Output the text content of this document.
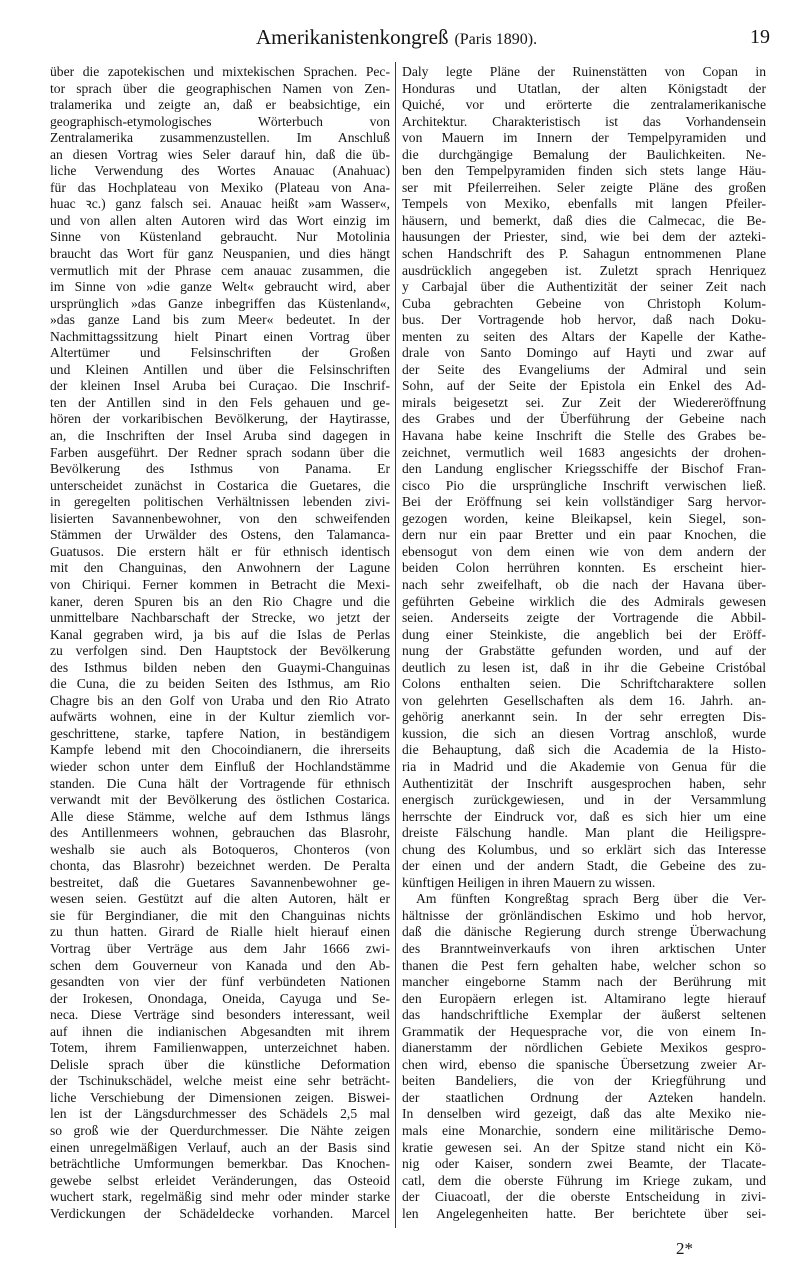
Amerikanistenkongreß (Paris 1890).	19
über die zapotekischen und mixtekischen Sprachen. Pec-
tor sprach über die geographischen Namen von Zen-
tralamerika und zeigte an, daß er beabsichtige, ein
geographisch-etymologisches Wörterbuch von
Zentralamerika zusammenzustellen. Im Anschluß
an diesen Vortrag wies Seler darauf hin, daß die üb-
liche Verwendung des Wortes Anauac (Anahuac)
für das Hochplateau von Mexiko (Plateau von Ana-
huac ꝛc.) ganz falsch sei. Anauac heißt »am Wasser«,
und von allen alten Autoren wird das Wort einzig im
Sinne von Küstenland gebraucht. Nur Motolinia
braucht das Wort für ganz Neuspanien, und dies hängt
vermutlich mit der Phrase cem anauac zusammen, die
im Sinne von »die ganze Welt« gebraucht wird, aber
ursprünglich »das Ganze inbegriffen das Küstenland«,
»das ganze Land bis zum Meer« bedeutet. In der
Nachmittagssitzung hielt Pinart einen Vortrag über
Altertümer und Felsinschriften der Großen
und Kleinen Antillen und über die Felsinschriften
der kleinen Insel Aruba bei Curaçao. Die Inschrif-
ten der Antillen sind in den Fels gehauen und ge-
hören der vorkaribischen Bevölkerung, der Haytirasse,
an, die Inschriften der Insel Aruba sind dagegen in
Farben ausgeführt. Der Redner sprach sodann über die
Bevölkerung des Isthmus von Panama. Er
unterscheidet zunächst in Costarica die Guetares, die
in geregelten politischen Verhältnissen lebenden zivi-
lisierten Savannenbewohner, von den schweifenden
Stämmen der Urwälder des Ostens, den Talamanca-
Guatusos. Die erstern hält er für ethnisch identisch
mit den Changuinas, den Anwohnern der Lagune
von Chiriqui. Ferner kommen in Betracht die Mexi-
kaner, deren Spuren bis an den Rio Chagre und die
unmittelbare Nachbarschaft der Strecke, wo jetzt der
Kanal gegraben wird, ja bis auf die Islas de Perlas
zu verfolgen sind. Den Hauptstock der Bevölkerung
des Isthmus bilden neben den Guaymi-Changuinas
die Cuna, die zu beiden Seiten des Isthmus, am Rio
Chagre bis an den Golf von Uraba und den Rio Atrato
aufwärts wohnen, eine in der Kultur ziemlich vor-
geschrittene, starke, tapfere Nation, in beständigem
Kampfe lebend mit den Chocoindianern, die ihrerseits
wieder schon unter dem Einfluß der Hochlandstämme
standen. Die Cuna hält der Vortragende für ethnisch
verwandt mit der Bevölkerung des östlichen Costarica.
Alle diese Stämme, welche auf dem Isthmus längs
des Antillenmeers wohnen, gebrauchen das Blasrohr,
weshalb sie auch als Botoqueros, Chonteros (von
chonta, das Blasrohr) bezeichnet werden. De Peralta
bestreitet, daß die Guetares Savannenbewohner ge-
wesen seien. Gestützt auf die alten Autoren, hält er
sie für Bergindianer, die mit den Changuinas nichts
zu thun hatten. Girard de Rialle hielt hierauf einen
Vortrag über Verträge aus dem Jahr 1666 zwi-
schen dem Gouverneur von Kanada und den Ab-
gesandten von vier der fünf verbündeten Nationen
der Irokesen, Onondaga, Oneida, Cayuga und Se-
neca. Diese Verträge sind besonders interessant, weil
auf ihnen die indianischen Abgesandten mit ihrem
Totem, ihrem Familienwappen, unterzeichnet haben.
Delisle sprach über die künstliche Deformation
der Tschinukschädel, welche meist eine sehr beträcht-
liche Verschiebung der Dimensionen zeigen. Biswei-
len ist der Längsdurchmesser des Schädels 2,5 mal
so groß wie der Querdurchmesser. Die Nähte zeigen
einen unregelmäßigen Verlauf, auch an der Basis sind
beträchtliche Umformungen bemerkbar. Das Knochen-
gewebe selbst erleidet Veränderungen, das Osteoid
wuchert stark, regelmäßig sind mehr oder minder starke
Verdickungen der Schädeldecke vorhanden. Marcel
Daly legte Pläne der Ruinenstätten von Copan in
Honduras und Utatlan, der alten Königstadt der
Quiché, vor und erörterte die zentralamerikanische
Architektur. Charakteristisch ist das Vorhandensein
von Mauern im Innern der Tempelpyramiden und
die durchgängige Bemalung der Baulichkeiten. Ne-
ben den Tempelpyramiden finden sich stets lange Häu-
ser mit Pfeilerreihen. Seler zeigte Pläne des großen
Tempels von Mexiko, ebenfalls mit langen Pfeiler-
häusern, und bemerkt, daß dies die Calmecac, die Be-
hausungen der Priester, sind, wie bei dem der azteki-
schen Handschrift des P. Sahagun entnommenen Plane
ausdrücklich angegeben ist. Zuletzt sprach Henriquez
y Carbajal über die Authentizität der seiner Zeit nach
Cuba gebrachten Gebeine von Christoph Kolum-
bus. Der Vortragende hob hervor, daß nach Doku-
menten zu seiten des Altars der Kapelle der Kathe-
drale von Santo Domingo auf Hayti und zwar auf
der Seite des Evangeliums der Admiral und sein
Sohn, auf der Seite der Epistola ein Enkel des Ad-
mirals beigesetzt sei. Zur Zeit der Wiedereröffnung
des Grabes und der Überführung der Gebeine nach
Havana habe keine Inschrift die Stelle des Grabes be-
zeichnet, vermutlich weil 1683 angesichts der drohen-
den Landung englischer Kriegsschiffe der Bischof Fran-
cisco Pio die ursprüngliche Inschrift verwischen ließ.
Bei der Eröffnung sei kein vollständiger Sarg hervor-
gezogen worden, keine Bleikapsel, kein Siegel, son-
dern nur ein paar Bretter und ein paar Knochen, die
ebensogut von dem einen wie von dem andern der
beiden Colon herrühren konnten. Es erscheint hier-
nach sehr zweifelhaft, ob die nach der Havana über-
geführten Gebeine wirklich die des Admirals gewesen
seien. Anderseits zeigte der Vortragende die Abbil-
dung einer Steinkiste, die angeblich bei der Eröff-
nung der Grabstätte gefunden worden, und auf der
deutlich zu lesen ist, daß in ihr die Gebeine Cristóbal
Colons enthalten seien. Die Schriftcharaktere sollen
von gelehrten Gesellschaften als dem 16. Jahrh. an-
gehörig anerkannt sein. In der sehr erregten Dis-
kussion, die sich an diesen Vortrag anschloß, wurde
die Behauptung, daß sich die Academia de la Histo-
ria in Madrid und die Akademie von Genua für die
Authentizität der Inschrift ausgesprochen haben, sehr
energisch zurückgewiesen, und in der Versammlung
herrschte der Eindruck vor, daß es sich hier um eine
dreiste Fälschung handle. Man plant die Heiligspre-
chung des Kolumbus, und so erklärt sich das Interesse
der einen und der andern Stadt, die Gebeine des zu-
künftigen Heiligen in ihren Mauern zu wissen.
Am fünften Kongreßtag sprach Berg über die Ver-
hältnisse der grönländischen Eskimo und hob hervor,
daß die dänische Regierung durch strenge Überwachung
des Branntweinverkaufs von ihren arktischen Unter
thanen die Pest fern gehalten habe, welcher schon so
mancher eingeborne Stamm nach der Berührung mit
den Europäern erlegen ist. Altamirano legte hierauf
das handschriftliche Exemplar der äußerst seltenen
Grammatik der Hequesprache vor, die von einem In-
dianerstamm der nördlichen Gebiete Mexikos gespro-
chen wird, ebenso die spanische Übersetzung zweier Ar-
beiten Bandeliers, die von der Kriegführung und
der staatlichen Ordnung der Azteken handeln.
In denselben wird gezeigt, daß das alte Mexiko nie-
mals eine Monarchie, sondern eine militärische Demo-
kratie gewesen sei. An der Spitze stand nicht ein Kö-
nig oder Kaiser, sondern zwei Beamte, der Tlacate-
catl, dem die oberste Führung im Kriege zukam, und
der Ciuacoatl, der die oberste Entscheidung in zivi-
len Angelegenheiten hatte. Ber berichtete über sei-
2*
